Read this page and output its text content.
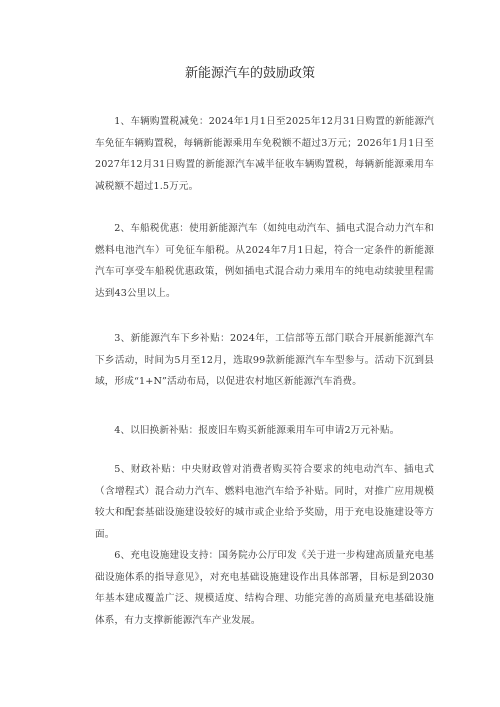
新能源汽车的鼓励政策

1、车辆购置税减免：2024年1月1日至2025年12月31日购置的新能源汽车免征车辆购置税，每辆新能源乘用车免税额不超过3万元；2026年1月1日至2027年12月31日购置的新能源汽车减半征收车辆购置税，每辆新能源乘用车减税额不超过1.5万元。

2、车船税优惠：使用新能源汽车（如纯电动汽车、插电式混合动力汽车和燃料电池汽车）可免征车船税。从2024年7月1日起，符合一定条件的新能源汽车可享受车船税优惠政策，例如插电式混合动力乘用车的纯电动续驶里程需达到43公里以上。

3、新能源汽车下乡补贴：2024年，工信部等五部门联合开展新能源汽车下乡活动，时间为5月至12月，选取99款新能源汽车车型参与。活动下沉到县域，形成“1+N”活动布局，以促进农村地区新能源汽车消费。

4、以旧换新补贴：报废旧车购买新能源乘用车可申请2万元补贴。

5、财政补贴：中央财政曾对消费者购买符合要求的纯电动汽车、插电式（含增程式）混合动力汽车、燃料电池汽车给予补贴。同时，对推广应用规模较大和配套基础设施建设较好的城市或企业给予奖励，用于充电设施建设等方面。

6、充电设施建设支持：国务院办公厅印发《关于进一步构建高质量充电基础设施体系的指导意见》，对充电基础设施建设作出具体部署，目标是到2030年基本建成覆盖广泛、规模适度、结构合理、功能完善的高质量充电基础设施体系，有力支撑新能源汽车产业发展。
